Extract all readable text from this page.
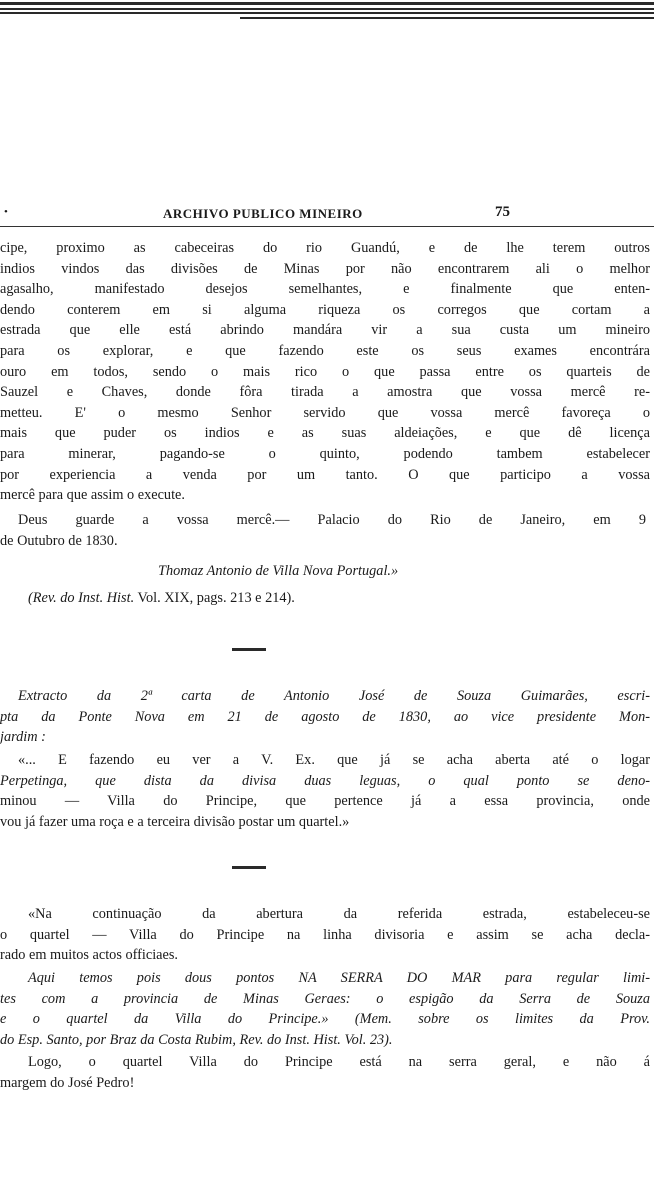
•	ARCHIVO PUBLICO MINEIRO	75
cipe, proximo as cabeceiras do rio Guandú, e de lhe terem outros
indios vindos das divisões de Minas por não encontrarem ali o melhor
agasalho, manifestado desejos semelhantes, e finalmente que enten-
dendo conterem em si alguma riqueza os corregos que cortam a
estrada que elle está abrindo mandára vir a sua custa um mineiro
para os explorar, e que fazendo este os seus exames encontrára
ouro em todos, sendo o mais rico o que passa entre os quarteis de
Sauzel e Chaves, donde fôra tirada a amostra que vossa mercê re-
metteu. E' o mesmo Senhor servido que vossa mercê favoreça o
mais que puder os indios e as suas aldeiações, e que dê licença
para minerar, pagando-se o quinto, podendo tambem estabelecer
por experiencia a venda por um tanto. O que participo a vossa
mercê para que assim o execute.
Deus guarde a vossa mercê.— Palacio do Rio de Janeiro, em 9
de Outubro de 1830.
Thomaz Antonio de Villa Nova Portugal.»
(Rev. do Inst. Hist. Vol. XIX, pags. 213 e 214).
Extracto da 2ª carta de Antonio José de Souza Guimarães, escri-
pta da Ponte Nova em 21 de agosto de 1830, ao vice presidente Mon-
jardim :
«... E fazendo eu ver a V. Ex. que já se acha aberta até o logar
Perpetinga, que dista da divisa duas leguas, o qual ponto se deno-
minou — Villa do Principe, que pertence já a essa provincia, onde
vou já fazer uma roça e a terceira divisão postar um quartel.»
«Na continuação da abertura da referida estrada, estabeleceu-se
o quartel — Villa do Principe na linha divisoria e assim se acha decla-
rado em muitos actos officiaes.
Aqui temos pois dous pontos NA SERRA DO MAR para regular limi-
tes com a provincia de Minas Geraes: o espigão da Serra de Souza
e o quartel da Villa do Principe.» (Mem. sobre os limites da Prov.
do Esp. Santo, por Braz da Costa Rubim, Rev. do Inst. Hist. Vol. 23).
Logo, o quartel Villa do Principe está na serra geral, e não á
margem do José Pedro!
